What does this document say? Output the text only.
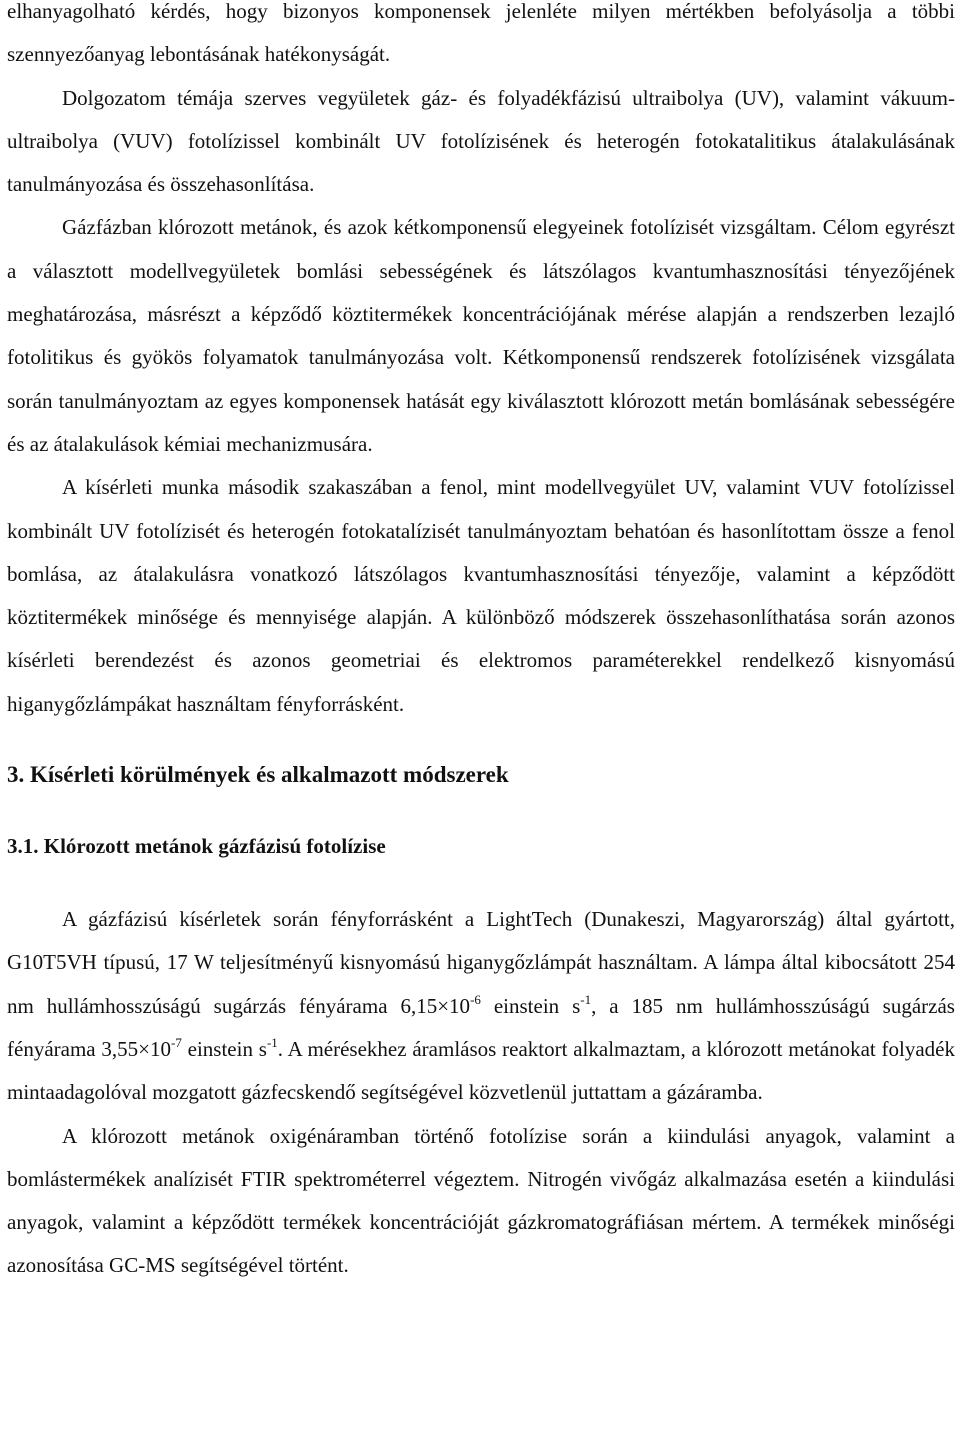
elhanyagolható kérdés, hogy bizonyos komponensek jelenléte milyen mértékben befolyásolja a többi szennyezőanyag lebontásának hatékonyságát.

Dolgozatom témája szerves vegyületek gáz- és folyadékfázisú ultraibolya (UV), valamint vákuum-ultraibolya (VUV) fotolízissel kombinált UV fotolízisének és heterogén fotokatalitikus átalakulásának tanulmányozása és összehasonlítása.

Gázfázban klórozott metánok, és azok kétkomponensű elegyeinek fotolízisét vizsgáltam. Célom egyrészt a választott modellvegyületek bomlási sebességének és látszólagos kvantumhasznosítási tényezőjének meghatározása, másrészt a képződő köztitermékek koncentrációjának mérése alapján a rendszerben lezajló fotolitikus és gyökös folyamatok tanulmányozása volt. Kétkomponensű rendszerek fotolízisének vizsgálata során tanulmányoztam az egyes komponensek hatását egy kiválasztott klórozott metán bomlásának sebességére és az átalakulások kémiai mechanizmusára.

A kísérleti munka második szakaszában a fenol, mint modellvegyület UV, valamint VUV fotolízissel kombinált UV fotolízisét és heterogén fotokatalízisét tanulmányoztam behatóan és hasonlítottam össze a fenol bomlása, az átalakulásra vonatkozó látszólagos kvantumhasznosítási tényezője, valamint a képződött köztitermékek minősége és mennyisége alapján. A különböző módszerek összehasonlíthatása során azonos kísérleti berendezést és azonos geometriai és elektromos paraméterekkel rendelkező kisnyomású higanygőzlámpákat használtam fényforrásként.

3. Kísérleti körülmények és alkalmazott módszerek
3.1. Klórozott metánok gázfázisú fotolízise

A gázfázisú kísérletek során fényforrásként a LightTech (Dunakeszi, Magyarország) által gyártott, G10T5VH típusú, 17 W teljesítményű kisnyomású higanygőzlámpát használtam. A lámpa által kibocsátott 254 nm hullámhosszúságú sugárzás fényárama $6,15\times 10^{-6}$ einstein $s^{-1}$, a 185 nm hullámhosszúságú sugárzás fényárama $3,55\times 10^{-7}$ einstein $s^{-1}$. A mérésekhez áramlásos reaktort alkalmaztam, a klórozott metánokat folyadék mintaadagolóval mozgatott gázfecskendő segítségével közvetlenül juttattam a gázáramba.

A klórozott metánok oxigénáramban történő fotolízise során a kiindulási anyagok, valamint a bomlástermékek analízisét FTIR spektrométerrel végeztem. Nitrogén vivőgáz alkalmazása esetén a kiindulási anyagok, valamint a képződött termékek koncentrációját gázkromatográfiásan mértem. A termékek minőségi azonosítása GC-MS segítségével történt.
